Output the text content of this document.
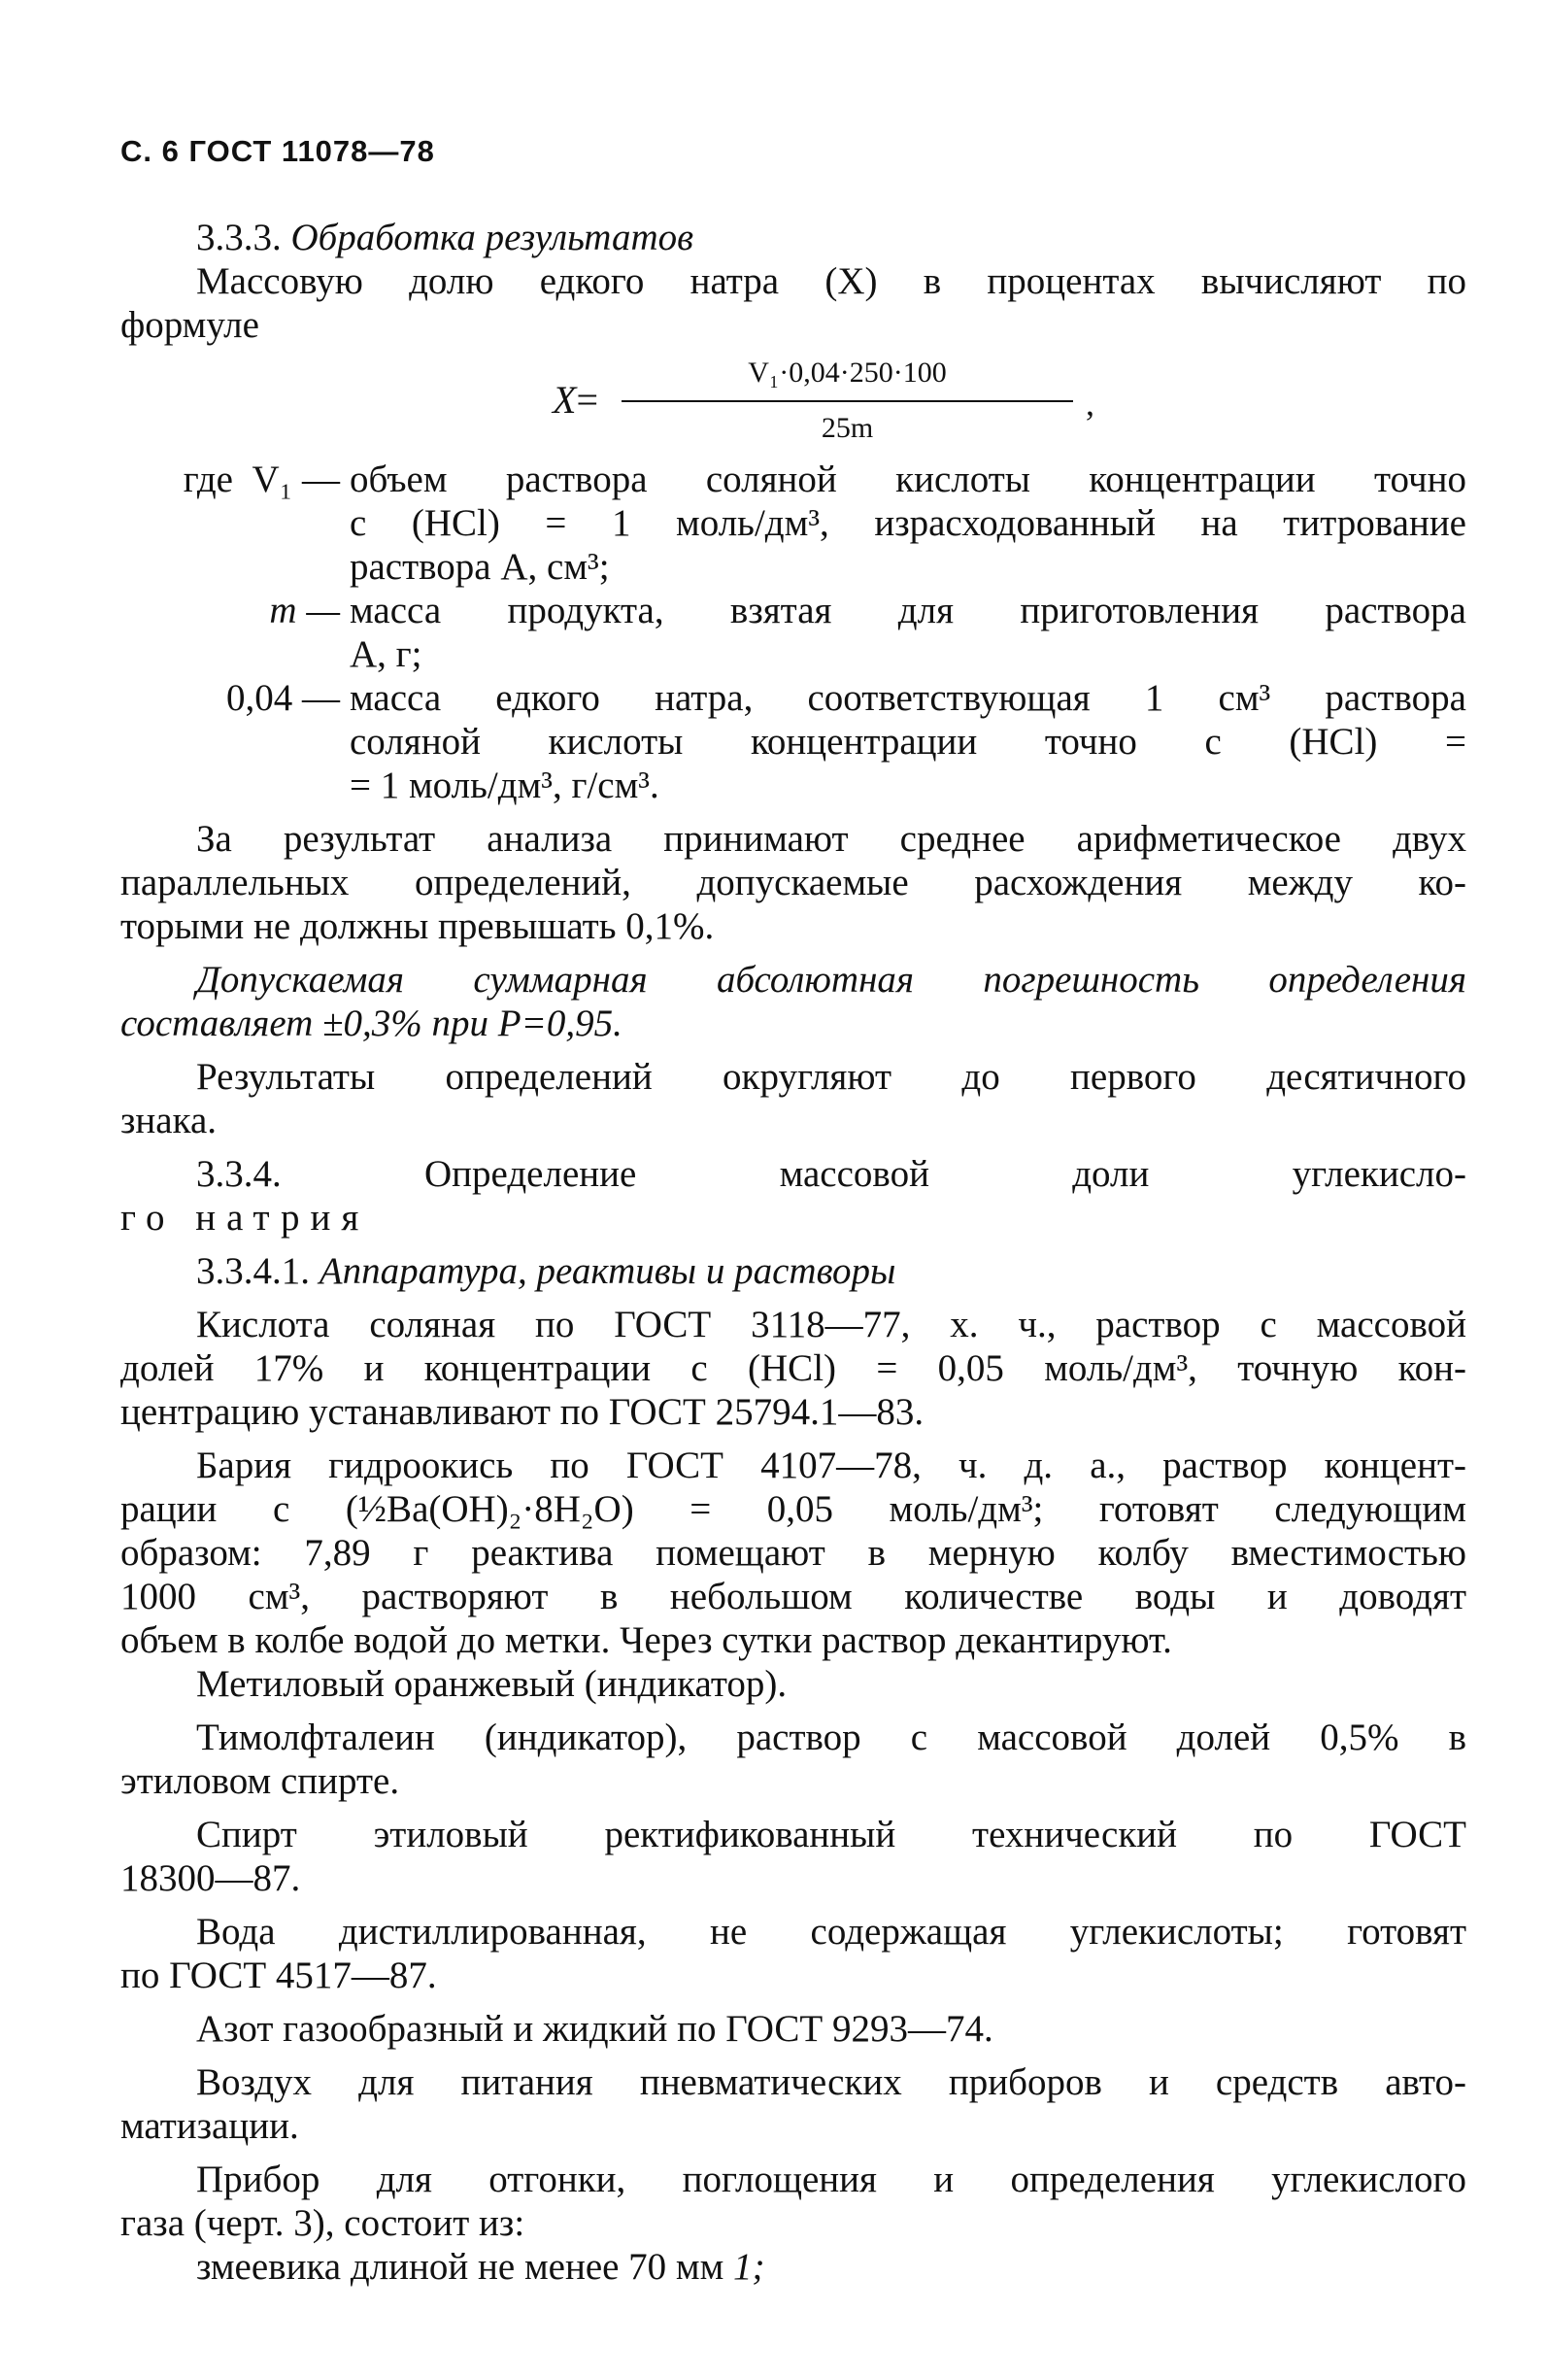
С. 6 ГОСТ 11078—78

3.3.3. Обработка результатов

Массовую долю едкого натра (X) в процентах вычисляют по

формуле

$X= \frac{\text{V₁·0,04·250·100}}{25m}$ ,
где V₁ — объем раствора соляной кислоты концентрации точно

c (HCl) = 1 моль/дм³, израсходованный на титрование

раствора А, см³;

m — масса продукта, взятая для приготовления раствора

А, г;

0,04 — масса едкого натра, соответствующая 1 см³ раствора

соляной кислоты концентрации точно c (HCl) =

= 1 моль/дм³, г/см³.

За результат анализа принимают среднее арифметическое двух

параллельных определений, допускаемые расхождения между ко-

торыми не должны превышать 0,1%.

Допускаемая суммарная абсолютная погрешность определения

составляет ±0,3% при P=0,95.

Результаты определений округляют до первого десятичного

знака.

3.3.4. Определение массовой доли углекисло-

го натрия

3.3.4.1. Аппаратура, реактивы и растворы

Кислота соляная по ГОСТ 3118—77, х. ч., раствор с массовой

долей 17% и концентрации c (HCl) = 0,05 моль/дм³, точную кон-

центрацию устанавливают по ГОСТ 25794.1—83.

Бария гидроокись по ГОСТ 4107—78, ч. д. а., раствор концент-

рации c (½Ba(OH)₂·8H₂O) = 0,05 моль/дм³; готовят следующим

образом: 7,89 г реактива помещают в мерную колбу вместимостью

1000 см³, растворяют в небольшом количестве воды и доводят

объем в колбе водой до метки. Через сутки раствор декантируют.

Метиловый оранжевый (индикатор).

Тимолфталеин (индикатор), раствор с массовой долей 0,5% в

этиловом спирте.

Спирт этиловый ректификованный технический по ГОСТ

18300—87.

Вода дистиллированная, не содержащая углекислоты; готовят

по ГОСТ 4517—87.

Азот газообразный и жидкий по ГОСТ 9293—74.

Воздух для питания пневматических приборов и средств авто-

матизации.

Прибор для отгонки, поглощения и определения углекислого

газа (черт. 3), состоит из:

змеевика длиной не менее 70 мм 1;
